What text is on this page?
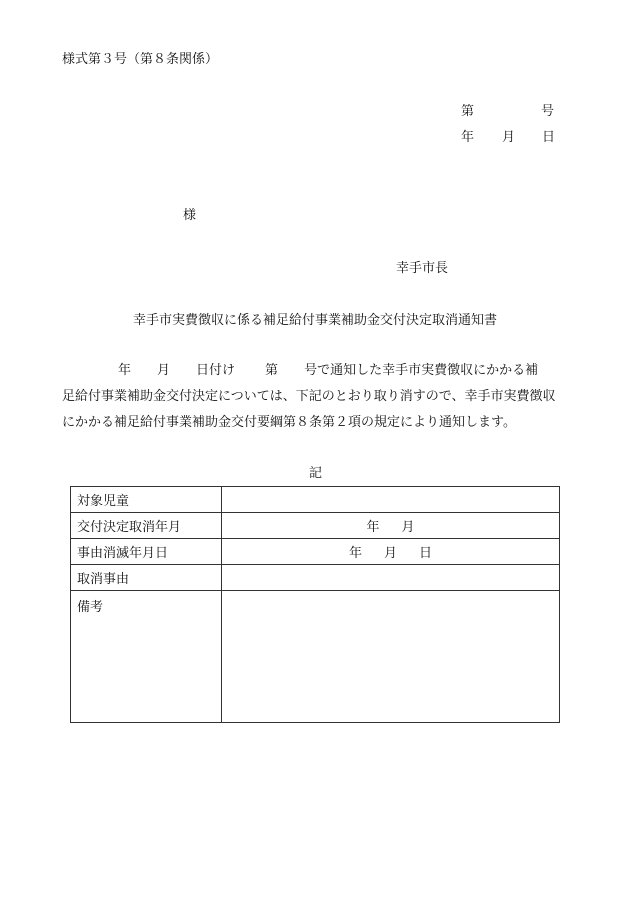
様式第３号（第８条関係）
第	号
年 月 日
様
幸手市長
幸手市実費徴収に係る補足給付事業補助金交付決定取消通知書
年 月 日付け 第 号で通知した幸手市実費徴収にかかる補
足給付事業補助金交付決定については、下記のとおり取り消すので、幸手市実費徴収
にかかる補足給付事業補助金交付要綱第８条第２項の規定により通知します。
記
対象児童	
交付決定取消年月	年 月
事由消滅年月日	年 月 日
取消事由	
備考	
